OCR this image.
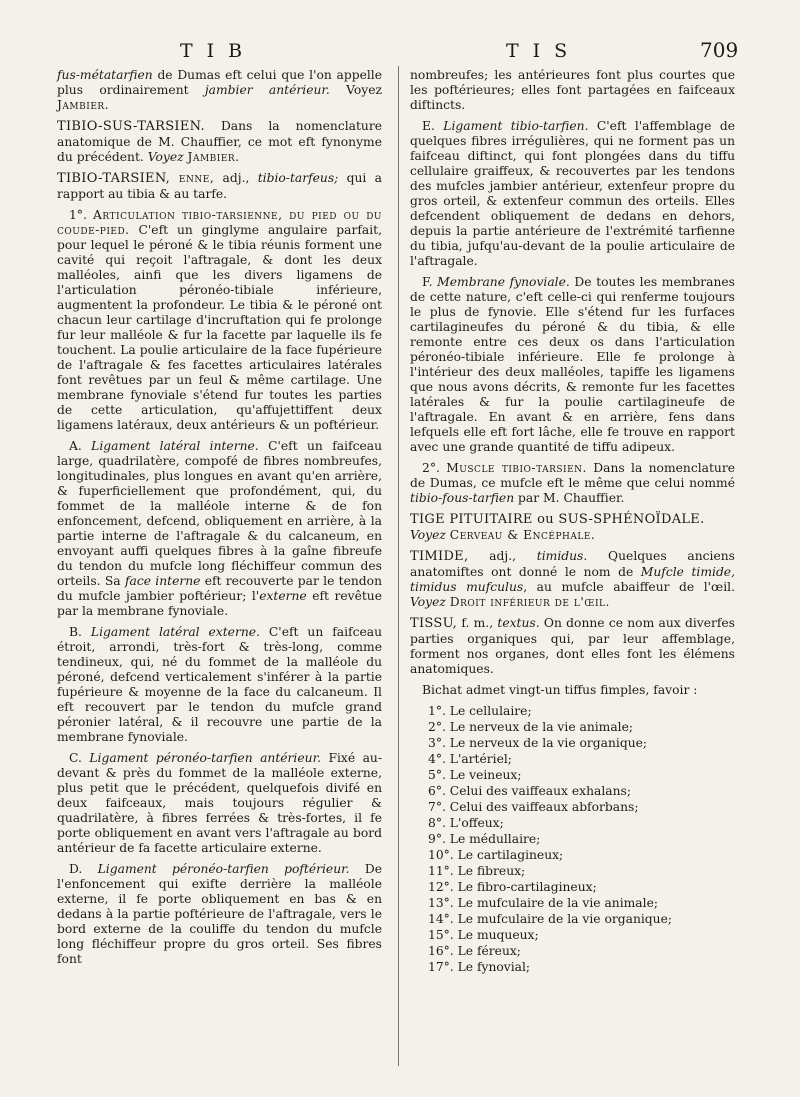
TIB	TIS	709

fus-métatarfien de Dumas eft celui que l'on appelle plus ordinairement jambier antérieur. Voyez Jambier.

TIBIO-SUS-TARSIEN. Dans la nomenclature anatomique de M. Chauffier, ce mot eft fynonyme du précédent. Voyez Jambier.

TIBIO-TARSIEN, enne, adj., tibio-tarfeus; qui a rapport au tibia & au tarfe.

1°. Articulation tibio-tarsienne, du pied ou du coude-pied. C'eft un ginglyme angulaire parfait, pour lequel le péroné & le tibia réunis forment une cavité qui reçoit l'aftragale, & dont les deux malléoles, ainfi que les divers ligamens de l'articulation péronéo-tibiale inférieure, augmentent la profondeur. Le tibia & le péroné ont chacun leur cartilage d'incruftation qui fe prolonge fur leur malléole & fur la facette par laquelle ils fe touchent. La poulie articulaire de la face fupérieure de l'aftragale & fes facettes articulaires latérales font revêtues par un feul & même cartilage. Une membrane fynoviale s'étend fur toutes les parties de cette articulation, qu'affujettiffent deux ligamens latéraux, deux antérieurs & un poftérieur.

A. Ligament latéral interne. C'eft un faifceau large, quadrilatère, compofé de fibres nombreufes, longitudinales, plus longues en avant qu'en arrière, & fuperficiellement que profondément, qui, du fommet de la malléole interne & de fon enfoncement, defcend, obliquement en arrière, à la partie interne de l'aftragale & du calcaneum, en envoyant auffi quelques fibres à la gaîne fibreufe du tendon du mufcle long fléchiffeur commun des orteils. Sa face interne eft recouverte par le tendon du mufcle jambier poftérieur; l'externe eft revêtue par la membrane fynoviale.

B. Ligament latéral externe. C'eft un faifceau étroit, arrondi, très-fort & très-long, comme tendineux, qui, né du fommet de la malléole du péroné, defcend verticalement s'inférer à la partie fupérieure & moyenne de la face du calcaneum. Il eft recouvert par le tendon du mufcle grand péronier latéral, & il recouvre une partie de la membrane fynoviale.

C. Ligament péronéo-tarfien antérieur. Fixé au-devant & près du fommet de la malléole externe, plus petit que le précédent, quelquefois divifé en deux faifceaux, mais toujours régulier & quadrilatère, à fibres ferrées & très-fortes, il fe porte obliquement en avant vers l'aftragale au bord antérieur de fa facette articulaire externe.

D. Ligament péronéo-tarfien poftérieur. De l'enfoncement qui exifte derrière la malléole externe, il fe porte obliquement en bas & en dedans à la partie poftérieure de l'aftragale, vers le bord externe de la couliffe du tendon du mufcle long fléchiffeur propre du gros orteil. Ses fibres font

nombreufes; les antérieures font plus courtes que les poftérieures; elles font partagées en faifceaux diftincts.

E. Ligament tibio-tarfien. C'eft l'affemblage de quelques fibres irrégulières, qui ne forment pas un faifceau diftinct, qui font plongées dans du tiffu cellulaire graiffeux, & recouvertes par les tendons des mufcles jambier antérieur, extenfeur propre du gros orteil, & extenfeur commun des orteils. Elles defcendent obliquement de dedans en dehors, depuis la partie antérieure de l'extrémité tarfienne du tibia, jufqu'au-devant de la poulie articulaire de l'aftragale.

F. Membrane fynoviale. De toutes les membranes de cette nature, c'eft celle-ci qui renferme toujours le plus de fynovie. Elle s'étend fur les furfaces cartilagineufes du péroné & du tibia, & elle remonte entre ces deux os dans l'articulation péronéo-tibiale inférieure. Elle fe prolonge à l'intérieur des deux malléoles, tapiffe les ligamens que nous avons décrits, & remonte fur les facettes latérales & fur la poulie cartilagineufe de l'aftragale. En avant & en arrière, fens dans lefquels elle eft fort lâche, elle fe trouve en rapport avec une grande quantité de tiffu adipeux.

2°. Muscle tibio-tarsien. Dans la nomenclature de Dumas, ce mufcle eft le même que celui nommé tibio-fous-tarfien par M. Chauffier.

TIGE PITUITAIRE ou SUS-SPHÉNOÏDALE.
Voyez Cerveau & Encéphale.

TIMIDE, adj., timidus. Quelques anciens anatomiftes ont donné le nom de Mufcle timide, timidus mufculus, au mufcle abaiffeur de l'œil. Voyez Droit inférieur de l'œil.

TISSU, f. m., textus. On donne ce nom aux diverfes parties organiques qui, par leur affemblage, forment nos organes, dont elles font les élémens anatomiques.

Bichat admet vingt-un tiffus fimples, favoir :

1°. Le cellulaire;
2°. Le nerveux de la vie animale;
3°. Le nerveux de la vie organique;
4°. L'artériel;
5°. Le veineux;
6°. Celui des vaiffeaux exhalans;
7°. Celui des vaiffeaux abforbans;
8°. L'offeux;
9°. Le médullaire;
10°. Le cartilagineux;
11°. Le fibreux;
12°. Le fibro-cartilagineux;
13°. Le mufculaire de la vie animale;
14°. Le mufculaire de la vie organique;
15°. Le muqueux;
16°. Le féreux;
17°. Le fynovial;
